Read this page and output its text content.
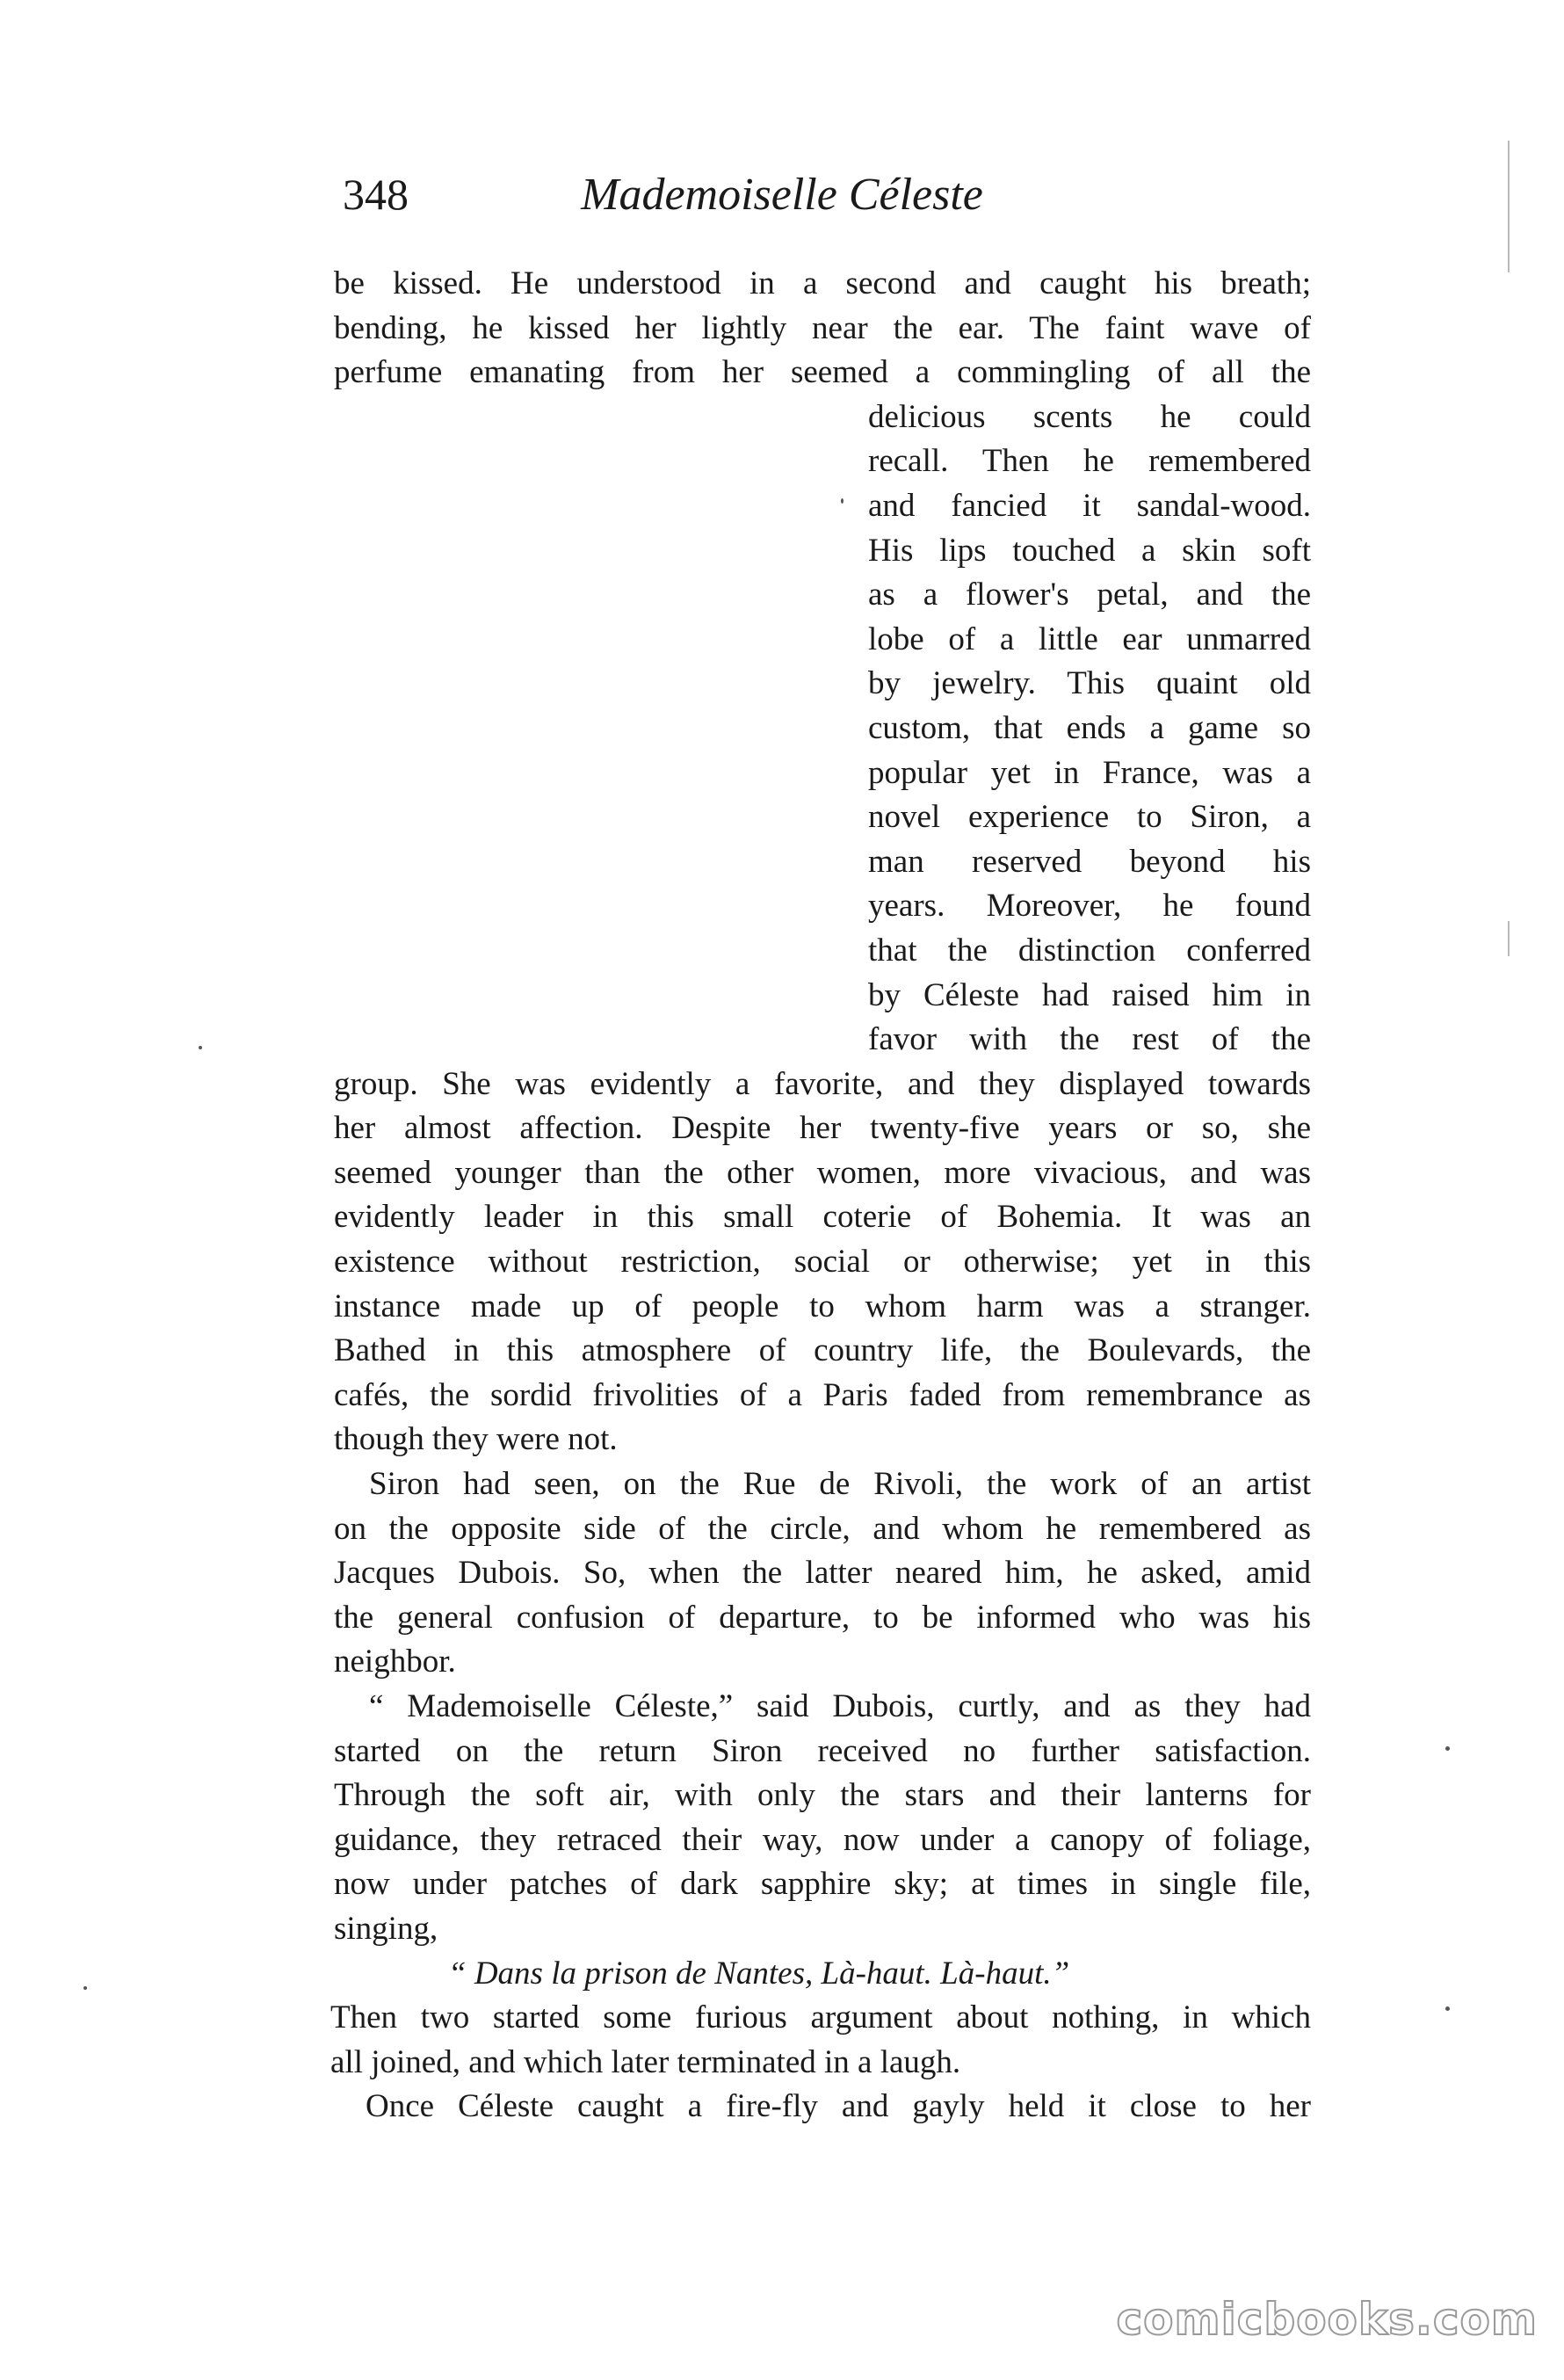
348	Mademoiselle Céleste
be kissed. He understood in a second and caught his breath;
bending, he kissed her lightly near the ear. The faint wave of
perfume emanating from her seemed a commingling of all the
delicious scents he could
recall. Then he remembered
and fancied it sandal-wood.
His lips touched a skin soft
as a flower's petal, and the
lobe of a little ear unmarred
by jewelry. This quaint old
custom, that ends a game so
popular yet in France, was a
novel experience to Siron, a
man reserved beyond his
years. Moreover, he found
that the distinction conferred
by Céleste had raised him in
favor with the rest of the
group. She was evidently a favorite, and they displayed towards
her almost affection. Despite her twenty-five years or so, she
seemed younger than the other women, more vivacious, and was
evidently leader in this small coterie of Bohemia. It was an
existence without restriction, social or otherwise; yet in this
instance made up of people to whom harm was a stranger.
Bathed in this atmosphere of country life, the Boulevards, the
cafés, the sordid frivolities of a Paris faded from remembrance as
though they were not.
Siron had seen, on the Rue de Rivoli, the work of an artist
on the opposite side of the circle, and whom he remembered as
Jacques Dubois. So, when the latter neared him, he asked, amid
the general confusion of departure, to be informed who was his
neighbor.
“ Mademoiselle Céleste,” said Dubois, curtly, and as they had
started on the return Siron received no further satisfaction.
Through the soft air, with only the stars and their lanterns for
guidance, they retraced their way, now under a canopy of foliage,
now under patches of dark sapphire sky; at times in single file,
singing,
“ Dans la prison de Nantes, Là-haut. Là-haut.”
Then two started some furious argument about nothing, in which
all joined, and which later terminated in a laugh.
Once Céleste caught a fire-fly and gayly held it close to her
comicbooks.com
